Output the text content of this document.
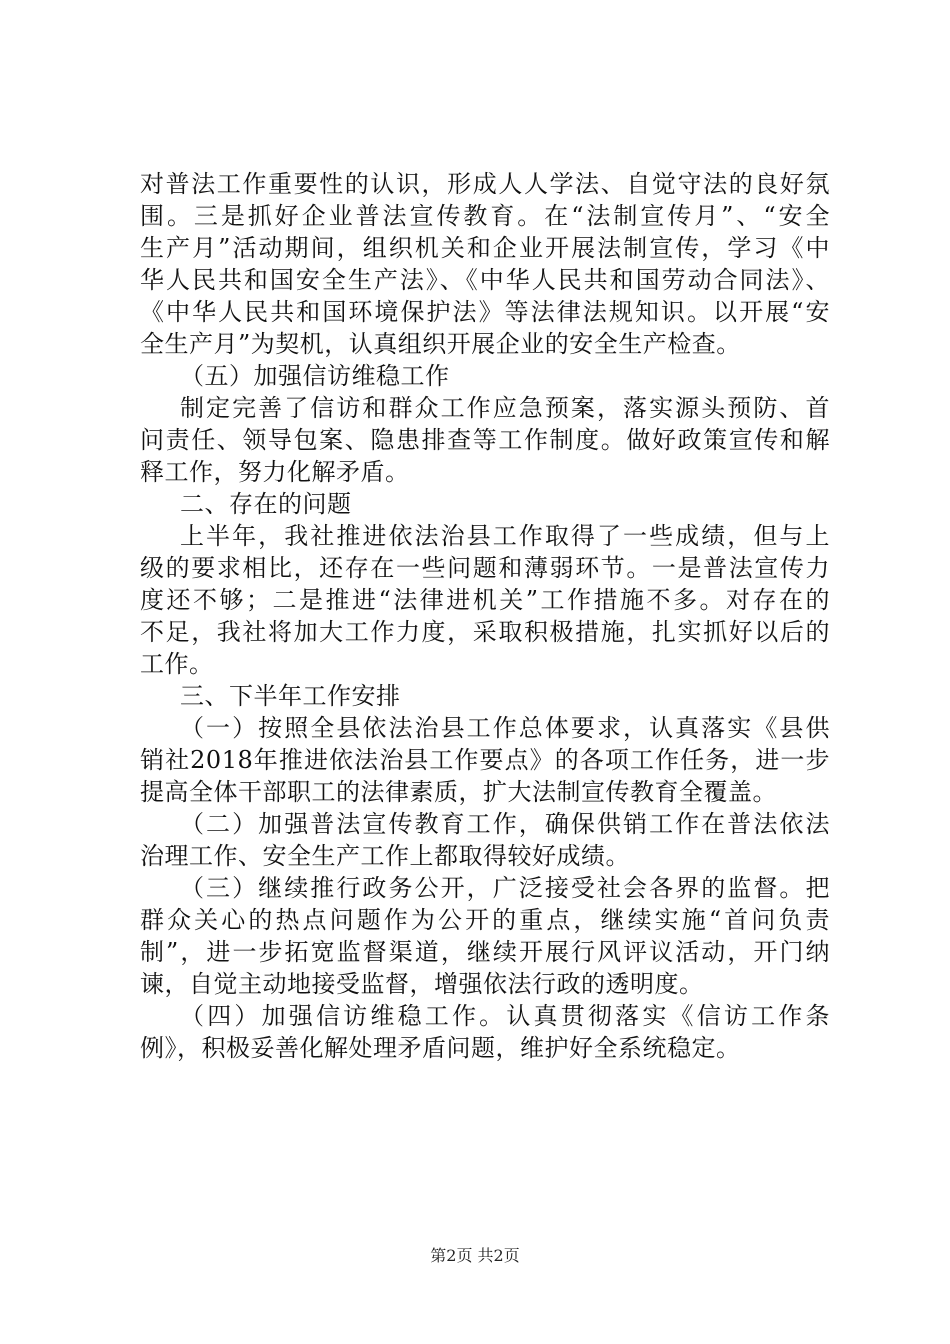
对普法工作重要性的认识，形成人人学法、自觉守法的良好氛
围。三是抓好企业普法宣传教育。在“法制宣传月”、“安全
生产月”活动期间，组织机关和企业开展法制宣传，学习《中
华人民共和国安全生产法》、《中华人民共和国劳动合同法》、
《中华人民共和国环境保护法》等法律法规知识。以开展“安
全生产月”为契机，认真组织开展企业的安全生产检查。
（五）加强信访维稳工作
制定完善了信访和群众工作应急预案，落实源头预防、首
问责任、领导包案、隐患排查等工作制度。做好政策宣传和解
释工作，努力化解矛盾。
二、存在的问题
上半年，我社推进依法治县工作取得了一些成绩，但与上
级的要求相比，还存在一些问题和薄弱环节。一是普法宣传力
度还不够；二是推进“法律进机关”工作措施不多。对存在的
不足，我社将加大工作力度，采取积极措施，扎实抓好以后的
工作。
三、下半年工作安排
（一）按照全县依法治县工作总体要求，认真落实《县供
销社2018年推进依法治县工作要点》的各项工作任务，进一步
提高全体干部职工的法律素质，扩大法制宣传教育全覆盖。
（二）加强普法宣传教育工作，确保供销工作在普法依法
治理工作、安全生产工作上都取得较好成绩。
（三）继续推行政务公开，广泛接受社会各界的监督。把
群众关心的热点问题作为公开的重点，继续实施“首问负责
制”，进一步拓宽监督渠道，继续开展行风评议活动，开门纳
谏，自觉主动地接受监督，增强依法行政的透明度。
（四）加强信访维稳工作。认真贯彻落实《信访工作条
例》，积极妥善化解处理矛盾问题，维护好全系统稳定。
第2页 共2页
